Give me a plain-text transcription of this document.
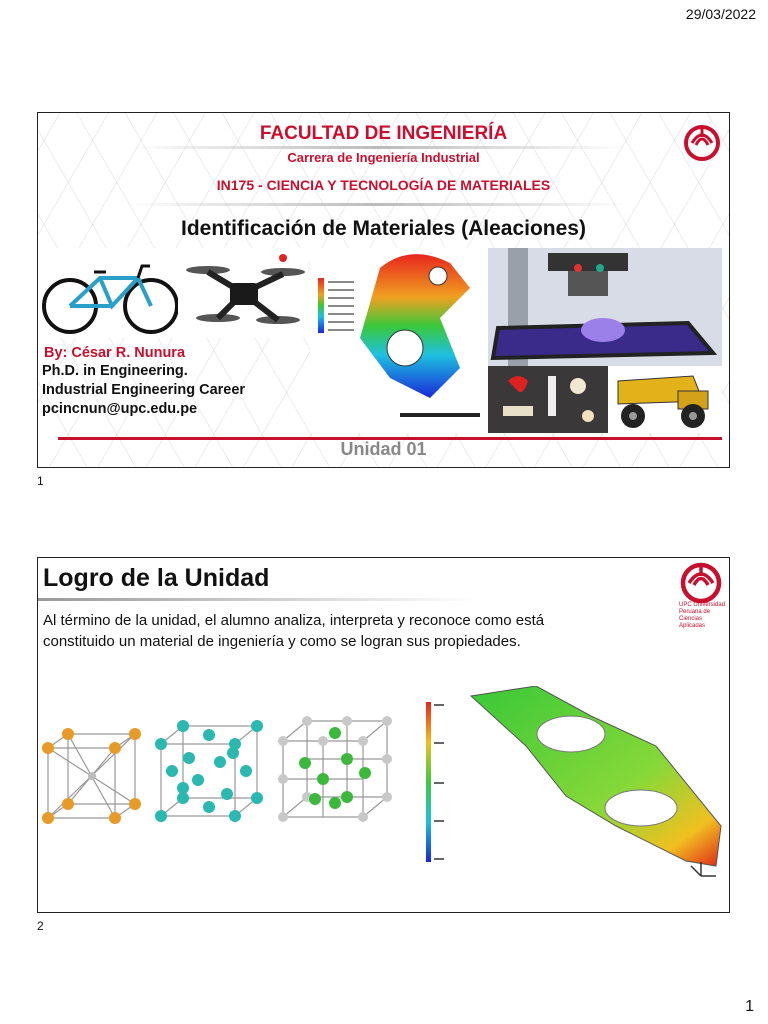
29/03/2022
FACULTAD DE INGENIERÍA
Carrera de Ingeniería Industrial
IN175 - CIENCIA Y TECNOLOGÍA DE MATERIALES
Identificación de Materiales (Aleaciones)
By: César R. Nunura
Ph.D. in Engineering.
Industrial Engineering Career
pcincnun@upc.edu.pe
Unidad 01
1
Logro de la Unidad
Al término de la unidad, el alumno analiza, interpreta y reconoce como está constituido un material de ingeniería y como se logran sus propiedades.
UPC Universidad Peruana de Ciencias Aplicadas
2
1
